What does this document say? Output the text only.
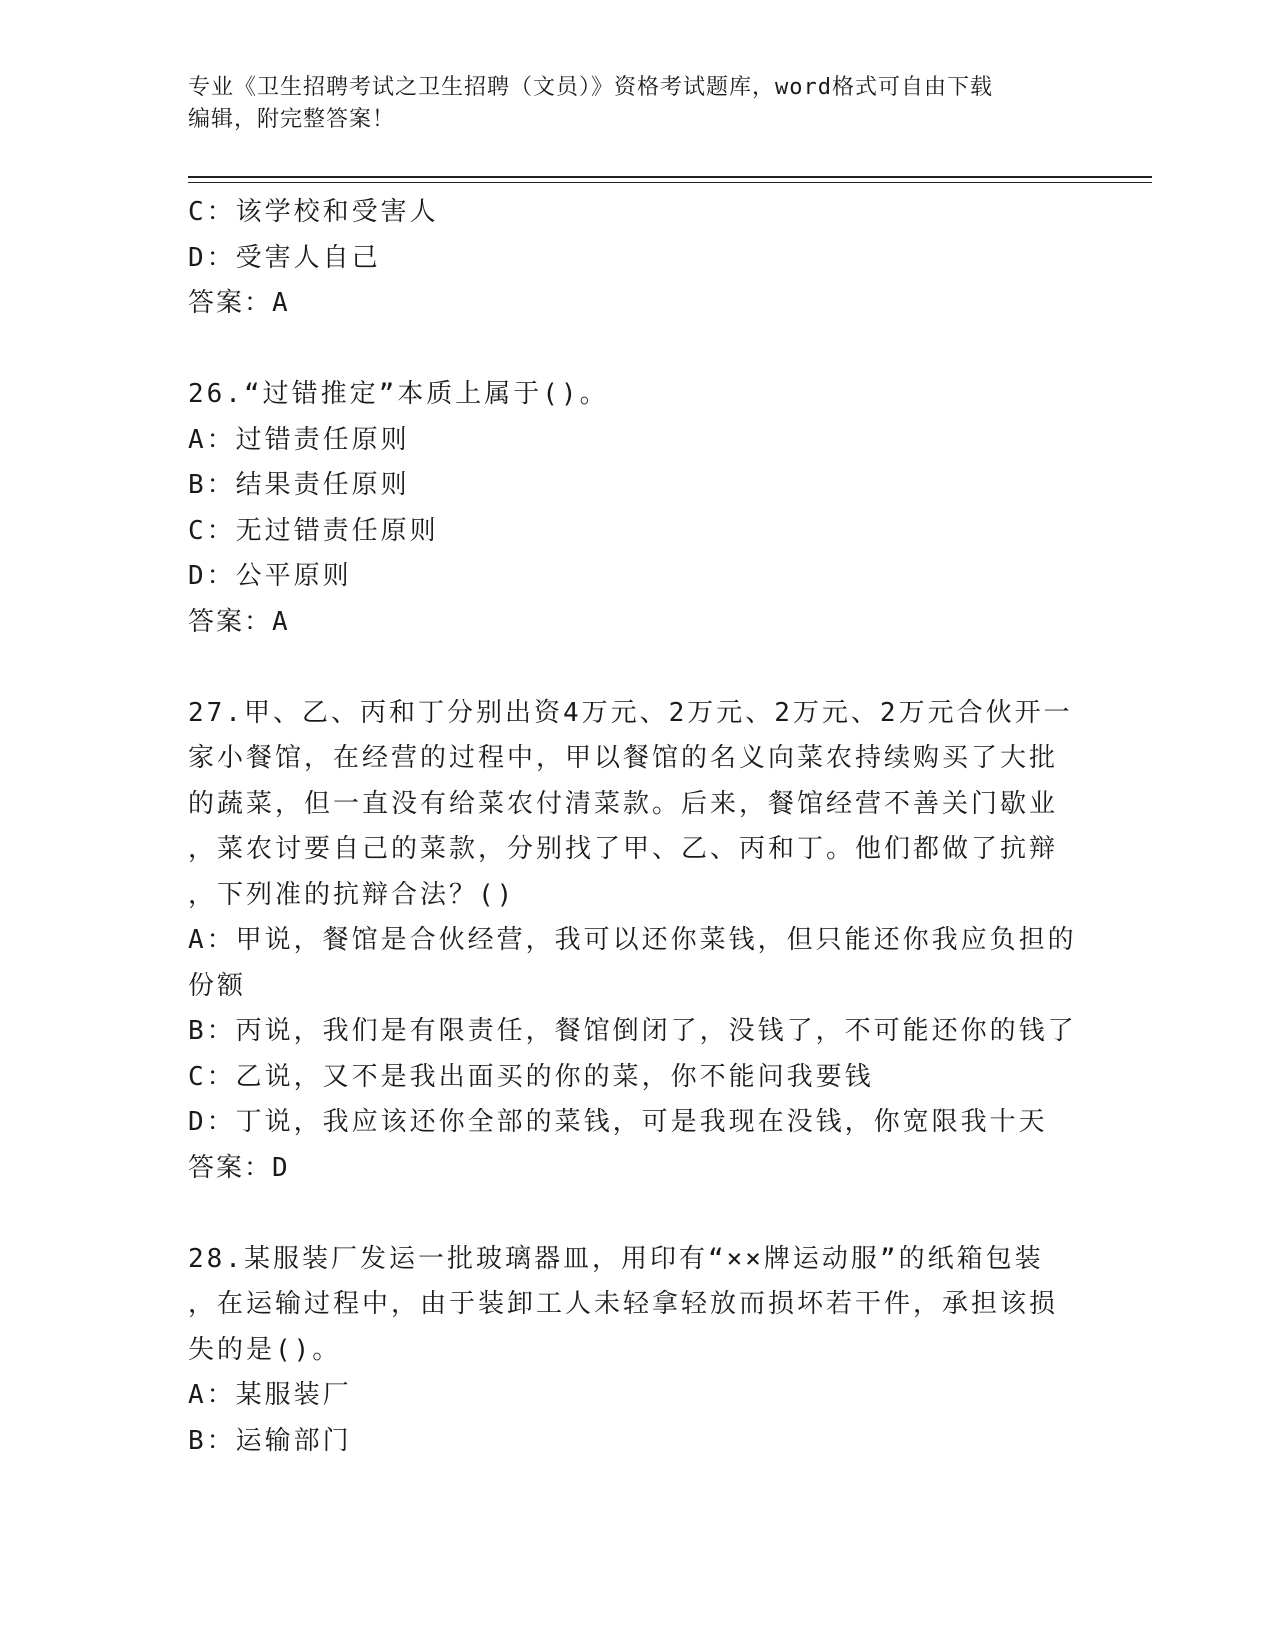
专业《卫生招聘考试之卫生招聘（文员）》资格考试题库，word格式可自由下载
编辑，附完整答案！
C：该学校和受害人
D：受害人自己
答案：A
26.“过错推定”本质上属于()。
A：过错责任原则
B：结果责任原则
C：无过错责任原则
D：公平原则
答案：A
27.甲、乙、丙和丁分别出资4万元、2万元、2万元、2万元合伙开一
家小餐馆，在经营的过程中，甲以餐馆的名义向菜农持续购买了大批
的蔬菜，但一直没有给菜农付清菜款。后来，餐馆经营不善关门歇业
，菜农讨要自己的菜款，分别找了甲、乙、丙和丁。他们都做了抗辩
，下列准的抗辩合法？()
A：甲说，餐馆是合伙经营，我可以还你菜钱，但只能还你我应负担的
份额
B：丙说，我们是有限责任，餐馆倒闭了，没钱了，不可能还你的钱了
C：乙说，又不是我出面买的你的菜，你不能问我要钱
D：丁说，我应该还你全部的菜钱，可是我现在没钱，你宽限我十天
答案：D
28.某服装厂发运一批玻璃器皿，用印有“××牌运动服”的纸箱包装
，在运输过程中，由于装卸工人未轻拿轻放而损坏若干件，承担该损
失的是()。
A：某服装厂
B：运输部门
